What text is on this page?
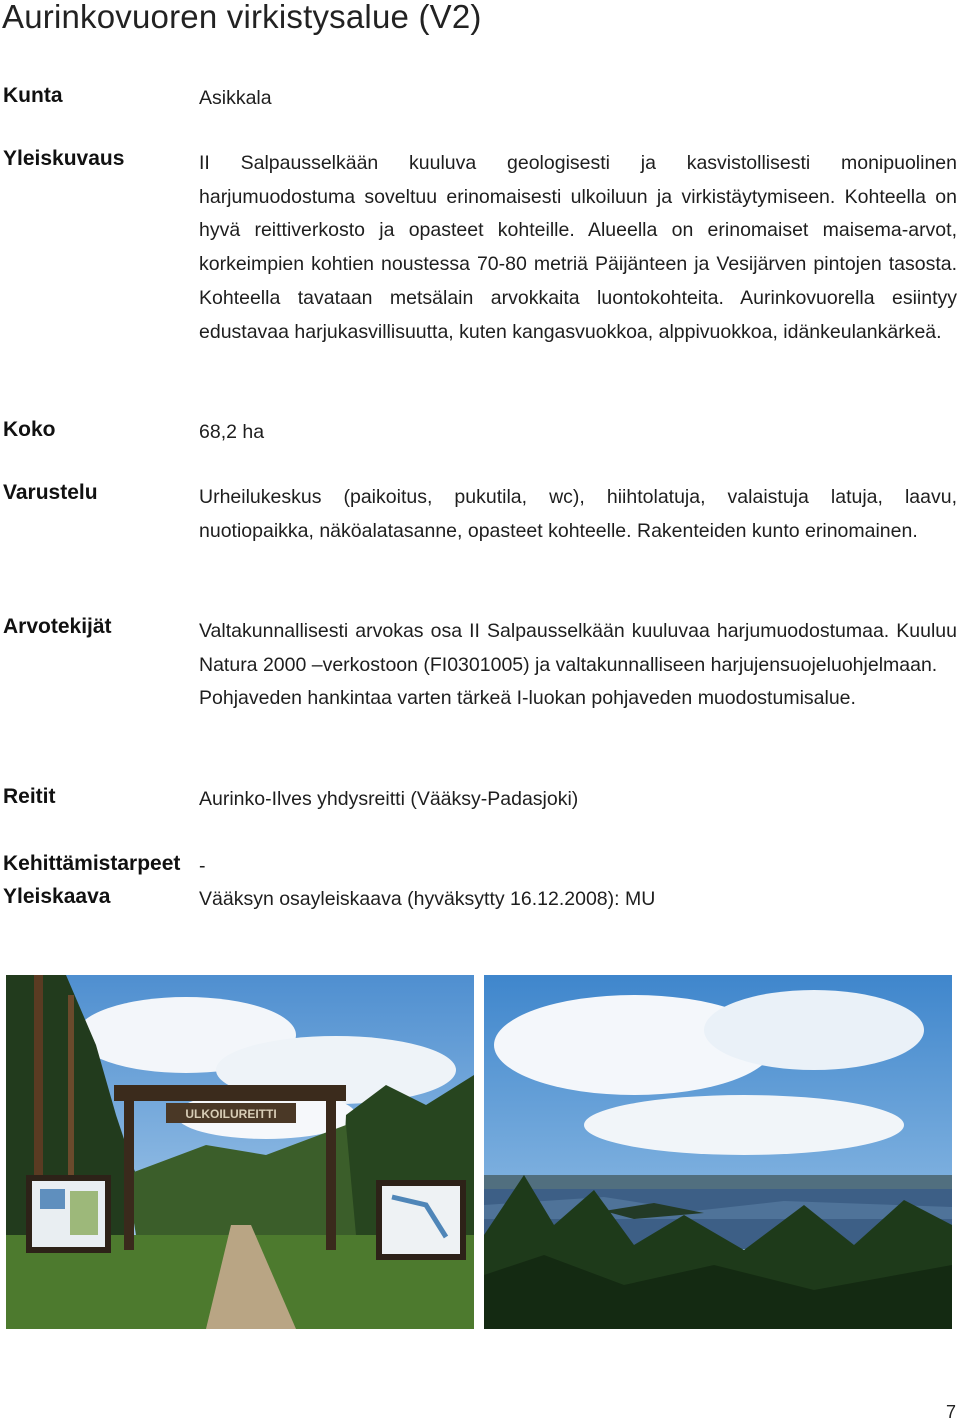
Aurinkovuoren virkistysalue (V2)
Kunta	Asikkala
Yleiskuvaus	II Salpausselkään kuuluva geologisesti ja kasvistollisesti monipuolinen harjumuodostuma soveltuu erinomaisesti ulkoiluun ja virkistäytymiseen. Kohteella on hyvä reittiverkosto ja opasteet kohteille. Alueella on erinomaiset maisema-arvot, korkeimpien kohtien noustessa 70-80 metriä Päijänteen ja Vesijärven pintojen tasosta. Kohteella tavataan metsälain arvokkaita luontokohteita. Aurinkovuorella esiintyy edustavaa harjukasvillisuutta, kuten kangasvuokkoa, alppivuokkoa, idänkeulankärkeä.
Koko	68,2 ha
Varustelu	Urheilukeskus (paikoitus, pukutila, wc), hiihtolatuja, valaistuja latuja, laavu, nuotiopaikka, näköalatasanne, opasteet kohteelle. Rakenteiden kunto erinomainen.
Arvotekijät	Valtakunnallisesti arvokas osa II Salpausselkään kuuluvaa harjumuodostumaa. Kuuluu Natura 2000 –verkostoon (FI0301005) ja valtakunnalliseen harjujensuojeluohjelmaan.

Pohjaveden hankintaa varten tärkeä I-luokan pohjaveden muodostumisalue.

Reitit	Aurinko-Ilves yhdysreitti (Vääksy-Padasjoki)
Kehittämistarpeet -
Yleiskaava	Vääksyn osayleiskaava (hyväksytty 16.12.2008): MU
ULKOILUREITTI
7
